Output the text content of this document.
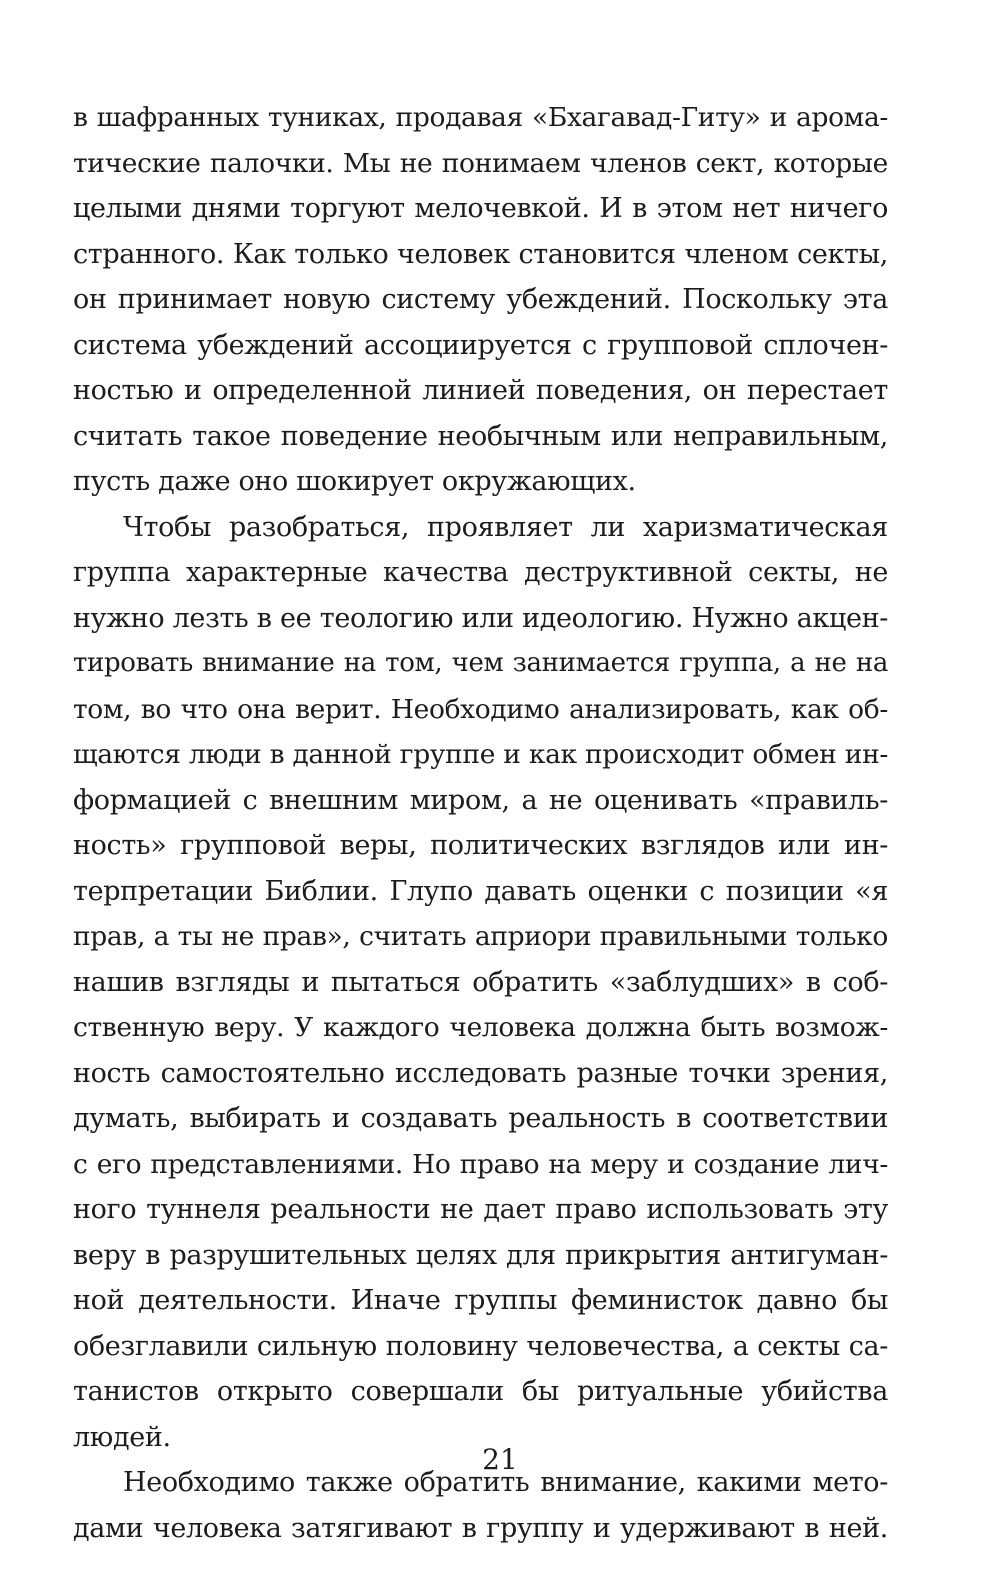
в шафранных туниках, продавая «Бхагавад-Гиту» и арома-
тические палочки. Мы не понимаем членов сект, которые
целыми днями торгуют мелочевкой. И в этом нет ничего
странного. Как только человек становится членом секты,
он принимает новую систему убеждений. Поскольку эта
система убеждений ассоциируется с групповой сплочен-
ностью и определенной линией поведения, он перестает
считать такое поведение необычным или неправильным,
пусть даже оно шокирует окружающих.
Чтобы разобраться, проявляет ли харизматическая
группа характерные качества деструктивной секты, не
нужно лезть в ее теологию или идеологию. Нужно акцен-
тировать внимание на том, чем занимается группа, а не на
том, во что она верит. Необходимо анализировать, как об-
щаются люди в данной группе и как происходит обмен ин-
формацией с внешним миром, а не оценивать «правиль-
ность» групповой веры, политических взглядов или ин-
терпретации Библии. Глупо давать оценки с позиции «я
прав, а ты не прав», считать априори правильными только
нашив взгляды и пытаться обратить «заблудших» в соб-
ственную веру. У каждого человека должна быть возмож-
ность самостоятельно исследовать разные точки зрения,
думать, выбирать и создавать реальность в соответствии
с его представлениями. Но право на меру и создание лич-
ного туннеля реальности не дает право использовать эту
веру в разрушительных целях для прикрытия антигуман-
ной деятельности. Иначе группы феминисток давно бы
обезглавили сильную половину человечества, а секты са-
танистов открыто совершали бы ритуальные убийства
людей.
Необходимо также обратить внимание, какими мето-
дами человека затягивают в группу и удерживают в ней.
21
